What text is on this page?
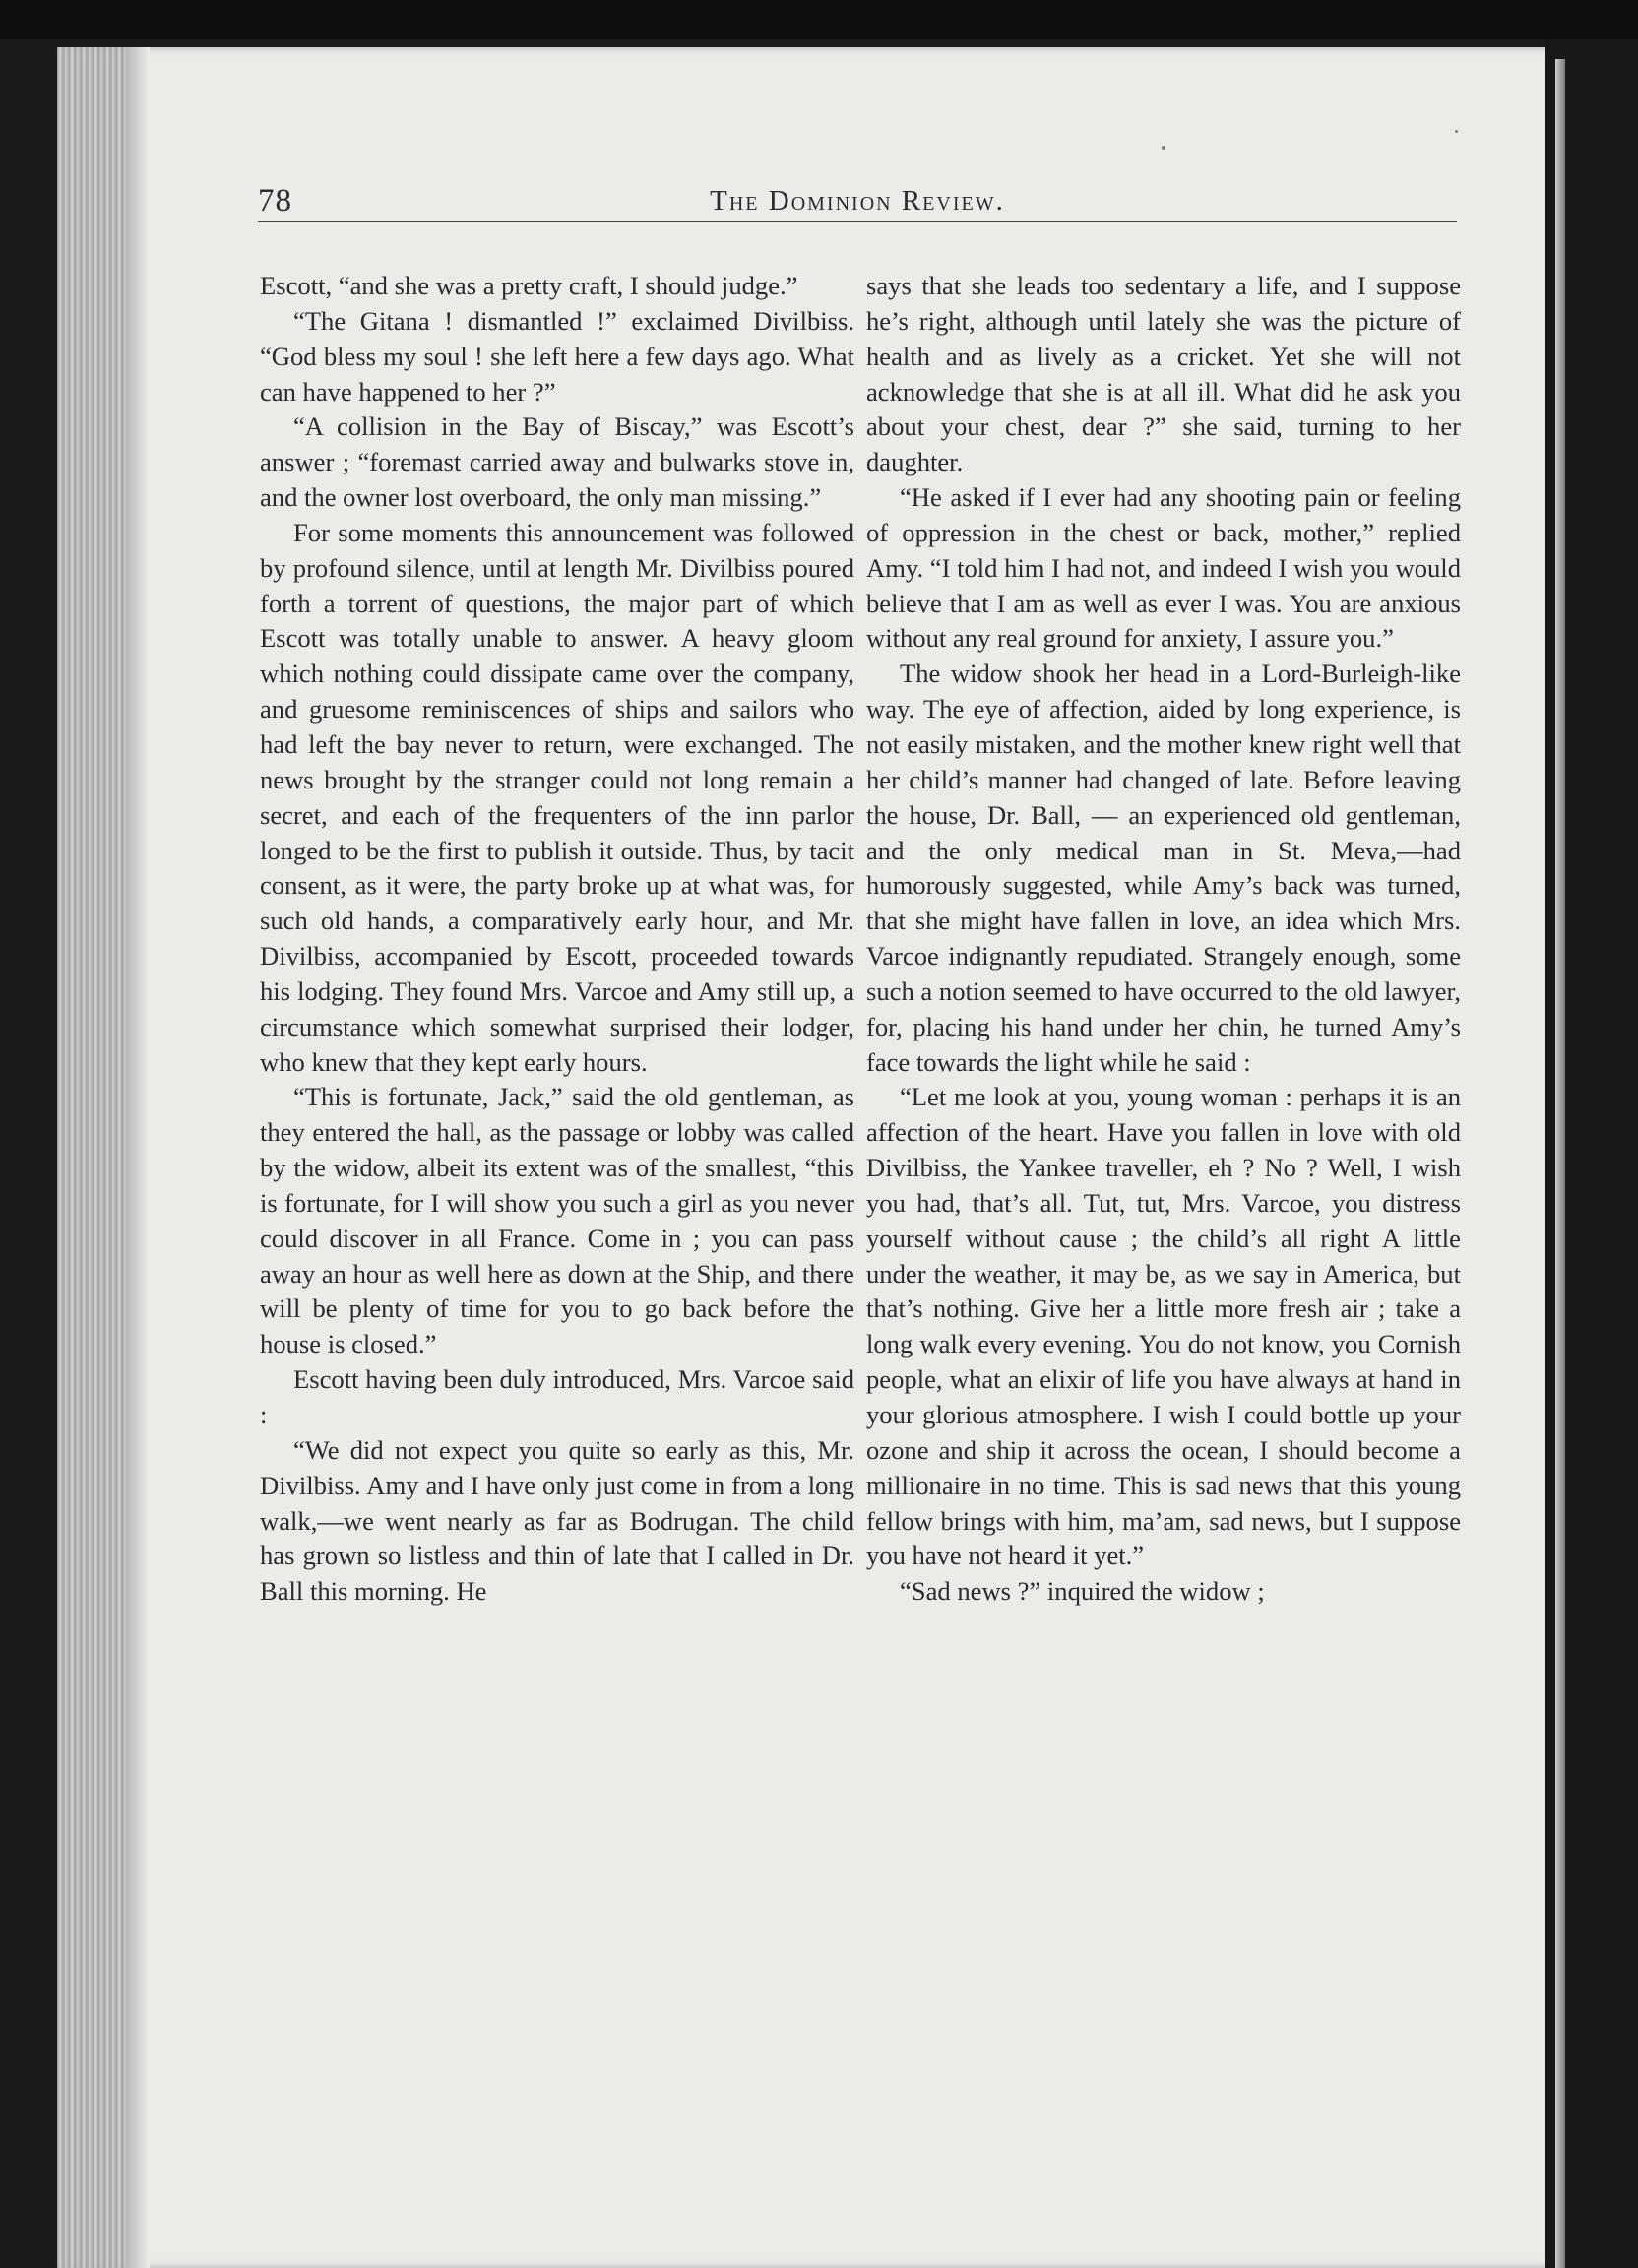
78	The Dominion Review.

Escott, “and she was a pretty craft, I should judge.”

“The Gitana ! dismantled !” exclaimed Divilbiss. “God bless my soul ! she left here a few days ago. What can have happened to her ?”

“A collision in the Bay of Biscay,” was Escott’s answer ; “foremast carried away and bulwarks stove in, and the owner lost overboard, the only man missing.”

For some moments this announcement was followed by profound silence, until at length Mr. Divilbiss poured forth a torrent of questions, the major part of which Escott was totally unable to answer. A heavy gloom which nothing could dissipate came over the company, and gruesome reminiscences of ships and sailors who had left the bay never to return, were exchanged. The news brought by the stranger could not long remain a secret, and each of the frequenters of the inn parlor longed to be the first to publish it outside. Thus, by tacit consent, as it were, the party broke up at what was, for such old hands, a comparatively early hour, and Mr. Divilbiss, accompanied by Escott, proceeded towards his lodging. They found Mrs. Varcoe and Amy still up, a circumstance which somewhat surprised their lodger, who knew that they kept early hours.

“This is fortunate, Jack,” said the old gentleman, as they entered the hall, as the passage or lobby was called by the widow, albeit its extent was of the smallest, “this is fortunate, for I will show you such a girl as you never could discover in all France. Come in ; you can pass away an hour as well here as down at the Ship, and there will be plenty of time for you to go back before the house is closed.”

Escott having been duly introduced, Mrs. Varcoe said :

“We did not expect you quite so early as this, Mr. Divilbiss. Amy and I have only just come in from a long walk,—we went nearly as far as Bodrugan. The child has grown so listless and thin of late that I called in Dr. Ball this morning. He

says that she leads too sedentary a life, and I suppose he’s right, although until lately she was the picture of health and as lively as a cricket. Yet she will not acknowledge that she is at all ill. What did he ask you about your chest, dear ?” she said, turning to her daughter.

“He asked if I ever had any shooting pain or feeling of oppression in the chest or back, mother,” replied Amy. “I told him I had not, and indeed I wish you would believe that I am as well as ever I was. You are anxious without any real ground for anxiety, I assure you.”

The widow shook her head in a Lord-Burleigh-like way. The eye of affection, aided by long experience, is not easily mistaken, and the mother knew right well that her child’s manner had changed of late. Before leaving the house, Dr. Ball, — an experienced old gentleman, and the only medical man in St. Meva,—had humorously suggested, while Amy’s back was turned, that she might have fallen in love, an idea which Mrs. Varcoe indignantly repudiated. Strangely enough, some such a notion seemed to have occurred to the old lawyer, for, placing his hand under her chin, he turned Amy’s face towards the light while he said :

“Let me look at you, young woman : perhaps it is an affection of the heart. Have you fallen in love with old Divilbiss, the Yankee traveller, eh ? No ? Well, I wish you had, that’s all. Tut, tut, Mrs. Varcoe, you distress yourself without cause ; the child’s all right A little under the weather, it may be, as we say in America, but that’s nothing. Give her a little more fresh air ; take a long walk every evening. You do not know, you Cornish people, what an elixir of life you have always at hand in your glorious atmosphere. I wish I could bottle up your ozone and ship it across the ocean, I should become a millionaire in no time. This is sad news that this young fellow brings with him, ma’am, sad news, but I suppose you have not heard it yet.”

“Sad news ?” inquired the widow ;
